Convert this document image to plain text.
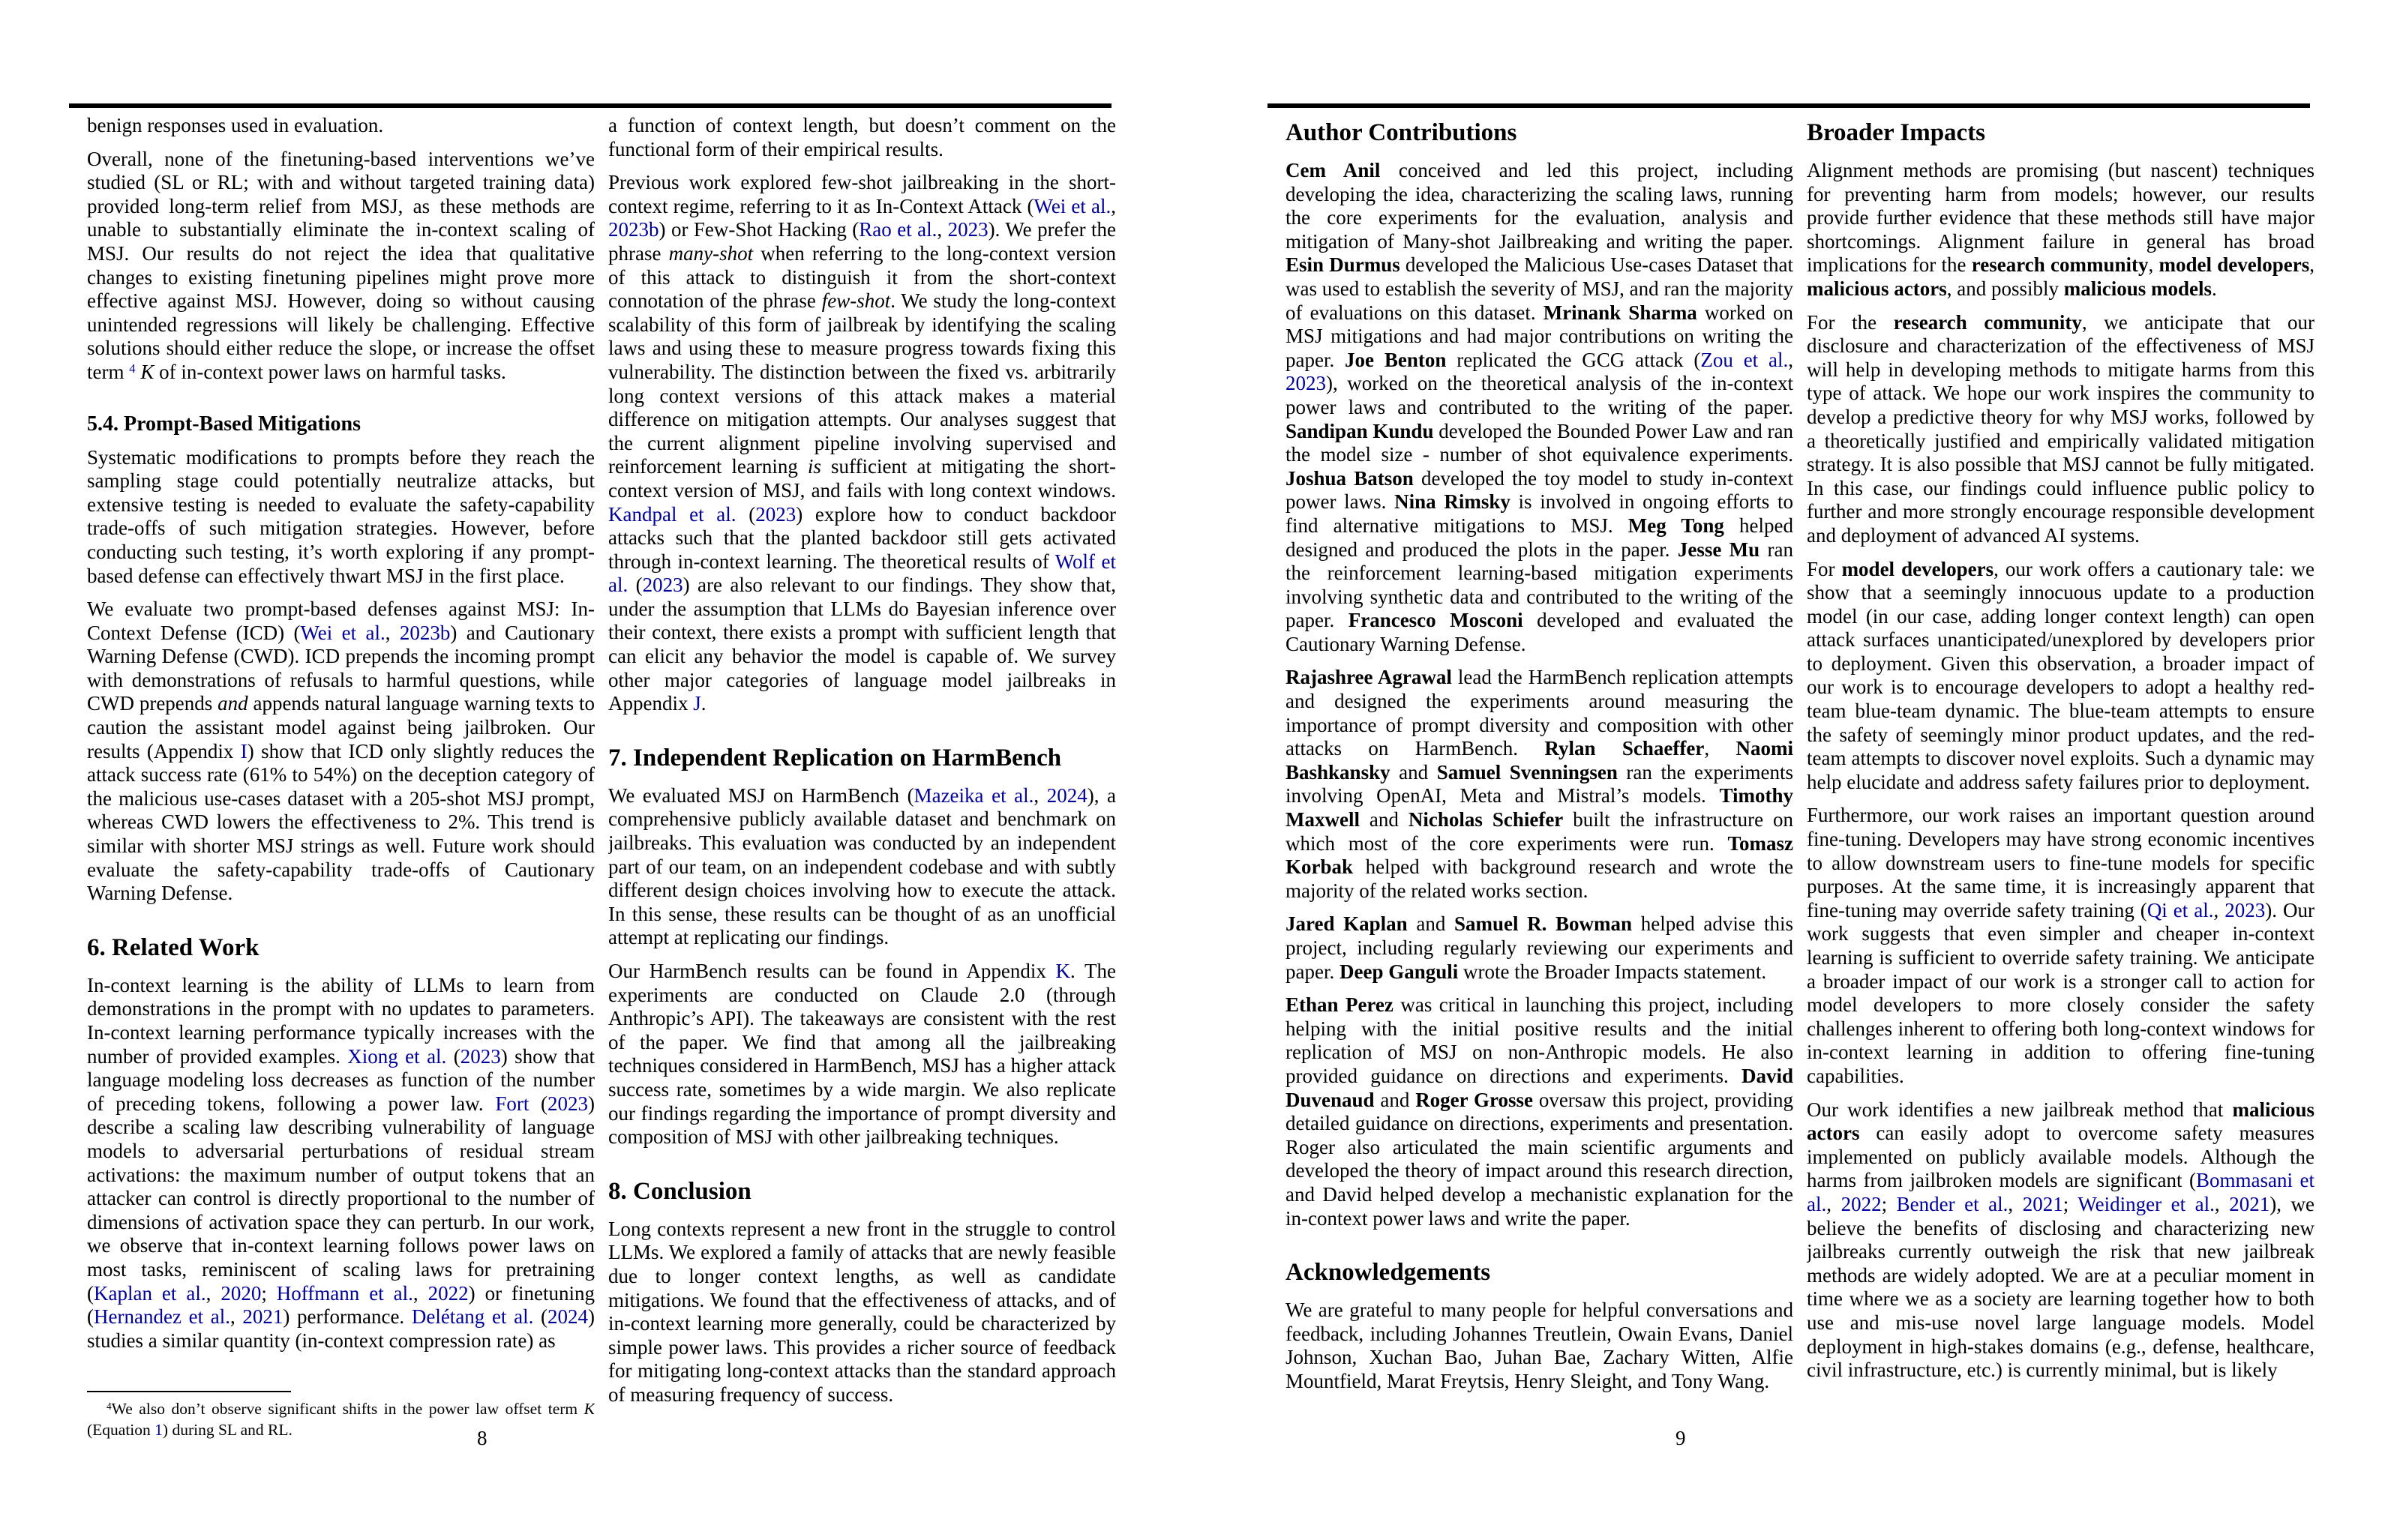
benign responses used in evaluation.
Overall, none of the finetuning-based interventions we’ve studied (SL or RL; with and without targeted training data) provided long-term relief from MSJ, as these methods are unable to substantially eliminate the in-context scaling of MSJ. Our results do not reject the idea that qualitative changes to existing finetuning pipelines might prove more effective against MSJ. However, doing so without causing unintended regressions will likely be challenging. Effective solutions should either reduce the slope, or increase the offset term $^4$ K of in-context power laws on harmful tasks.
5.4. Prompt-Based Mitigations
Systematic modifications to prompts before they reach the sampling stage could potentially neutralize attacks, but extensive testing is needed to evaluate the safety-capability trade-offs of such mitigation strategies. However, before conducting such testing, it’s worth exploring if any prompt-based defense can effectively thwart MSJ in the first place.
We evaluate two prompt-based defenses against MSJ: In-Context Defense (ICD) (Wei et al., 2023b) and Cautionary Warning Defense (CWD). ICD prepends the incoming prompt with demonstrations of refusals to harmful questions, while CWD prepends and appends natural language warning texts to caution the assistant model against being jailbroken. Our results (Appendix I) show that ICD only slightly reduces the attack success rate (61% to 54%) on the deception category of the malicious use-cases dataset with a 205-shot MSJ prompt, whereas CWD lowers the effectiveness to 2%. This trend is similar with shorter MSJ strings as well. Future work should evaluate the safety-capability trade-offs of Cautionary Warning Defense.
6. Related Work
In-context learning is the ability of LLMs to learn from demonstrations in the prompt with no updates to parameters. In-context learning performance typically increases with the number of provided examples. Xiong et al. (2023) show that language modeling loss decreases as function of the number of preceding tokens, following a power law. Fort (2023) describe a scaling law describing vulnerability of language models to adversarial perturbations of residual stream activations: the maximum number of output tokens that an attacker can control is directly proportional to the number of dimensions of activation space they can perturb. In our work, we observe that in-context learning follows power laws on most tasks, reminiscent of scaling laws for pretraining (Kaplan et al., 2020; Hoffmann et al., 2022) or finetuning (Hernandez et al., 2021) performance. Delétang et al. (2024) studies a similar quantity (in-context compression rate) as
$^4$We also don’t observe significant shifts in the power law offset term K (Equation 1) during SL and RL.
a function of context length, but doesn’t comment on the functional form of their empirical results.
Previous work explored few-shot jailbreaking in the short-context regime, referring to it as In-Context Attack (Wei et al., 2023b) or Few-Shot Hacking (Rao et al., 2023). We prefer the phrase many-shot when referring to the long-context version of this attack to distinguish it from the short-context connotation of the phrase few-shot. We study the long-context scalability of this form of jailbreak by identifying the scaling laws and using these to measure progress towards fixing this vulnerability. The distinction between the fixed vs. arbitrarily long context versions of this attack makes a material difference on mitigation attempts. Our analyses suggest that the current alignment pipeline involving supervised and reinforcement learning is sufficient at mitigating the short-context version of MSJ, and fails with long context windows. Kandpal et al. (2023) explore how to conduct backdoor attacks such that the planted backdoor still gets activated through in-context learning. The theoretical results of Wolf et al. (2023) are also relevant to our findings. They show that, under the assumption that LLMs do Bayesian inference over their context, there exists a prompt with sufficient length that can elicit any behavior the model is capable of. We survey other major categories of language model jailbreaks in Appendix J.
7. Independent Replication on HarmBench
We evaluated MSJ on HarmBench (Mazeika et al., 2024), a comprehensive publicly available dataset and benchmark on jailbreaks. This evaluation was conducted by an independent part of our team, on an independent codebase and with subtly different design choices involving how to execute the attack. In this sense, these results can be thought of as an unofficial attempt at replicating our findings.
Our HarmBench results can be found in Appendix K. The experiments are conducted on Claude 2.0 (through Anthropic’s API). The takeaways are consistent with the rest of the paper. We find that among all the jailbreaking techniques considered in HarmBench, MSJ has a higher attack success rate, sometimes by a wide margin. We also replicate our findings regarding the importance of prompt diversity and composition of MSJ with other jailbreaking techniques.
8. Conclusion
Long contexts represent a new front in the struggle to control LLMs. We explored a family of attacks that are newly feasible due to longer context lengths, as well as candidate mitigations. We found that the effectiveness of attacks, and of in-context learning more generally, could be characterized by simple power laws. This provides a richer source of feedback for mitigating long-context attacks than the standard approach of measuring frequency of success.
8
Author Contributions
Cem Anil conceived and led this project, including developing the idea, characterizing the scaling laws, running the core experiments for the evaluation, analysis and mitigation of Many-shot Jailbreaking and writing the paper. Esin Durmus developed the Malicious Use-cases Dataset that was used to establish the severity of MSJ, and ran the majority of evaluations on this dataset. Mrinank Sharma worked on MSJ mitigations and had major contributions on writing the paper. Joe Benton replicated the GCG attack (Zou et al., 2023), worked on the theoretical analysis of the in-context power laws and contributed to the writing of the paper. Sandipan Kundu developed the Bounded Power Law and ran the model size - number of shot equivalence experiments. Joshua Batson developed the toy model to study in-context power laws. Nina Rimsky is involved in ongoing efforts to find alternative mitigations to MSJ. Meg Tong helped designed and produced the plots in the paper. Jesse Mu ran the reinforcement learning-based mitigation experiments involving synthetic data and contributed to the writing of the paper. Francesco Mosconi developed and evaluated the Cautionary Warning Defense.
Rajashree Agrawal lead the HarmBench replication attempts and designed the experiments around measuring the importance of prompt diversity and composition with other attacks on HarmBench. Rylan Schaeffer, Naomi Bashkansky and Samuel Svenningsen ran the experiments involving OpenAI, Meta and Mistral’s models. Timothy Maxwell and Nicholas Schiefer built the infrastructure on which most of the core experiments were run. Tomasz Korbak helped with background research and wrote the majority of the related works section.
Jared Kaplan and Samuel R. Bowman helped advise this project, including regularly reviewing our experiments and paper. Deep Ganguli wrote the Broader Impacts statement.
Ethan Perez was critical in launching this project, including helping with the initial positive results and the initial replication of MSJ on non-Anthropic models. He also provided guidance on directions and experiments. David Duvenaud and Roger Grosse oversaw this project, providing detailed guidance on directions, experiments and presentation. Roger also articulated the main scientific arguments and developed the theory of impact around this research direction, and David helped develop a mechanistic explanation for the in-context power laws and write the paper.
Acknowledgements
We are grateful to many people for helpful conversations and feedback, including Johannes Treutlein, Owain Evans, Daniel Johnson, Xuchan Bao, Juhan Bae, Zachary Witten, Alfie Mountfield, Marat Freytsis, Henry Sleight, and Tony Wang.
Broader Impacts
Alignment methods are promising (but nascent) techniques for preventing harm from models; however, our results provide further evidence that these methods still have major shortcomings. Alignment failure in general has broad implications for the research community, model developers, malicious actors, and possibly malicious models.
For the research community, we anticipate that our disclosure and characterization of the effectiveness of MSJ will help in developing methods to mitigate harms from this type of attack. We hope our work inspires the community to develop a predictive theory for why MSJ works, followed by a theoretically justified and empirically validated mitigation strategy. It is also possible that MSJ cannot be fully mitigated. In this case, our findings could influence public policy to further and more strongly encourage responsible development and deployment of advanced AI systems.
For model developers, our work offers a cautionary tale: we show that a seemingly innocuous update to a production model (in our case, adding longer context length) can open attack surfaces unanticipated/unexplored by developers prior to deployment. Given this observation, a broader impact of our work is to encourage developers to adopt a healthy red-team blue-team dynamic. The blue-team attempts to ensure the safety of seemingly minor product updates, and the red-team attempts to discover novel exploits. Such a dynamic may help elucidate and address safety failures prior to deployment.
Furthermore, our work raises an important question around fine-tuning. Developers may have strong economic incentives to allow downstream users to fine-tune models for specific purposes. At the same time, it is increasingly apparent that fine-tuning may override safety training (Qi et al., 2023). Our work suggests that even simpler and cheaper in-context learning is sufficient to override safety training. We anticipate a broader impact of our work is a stronger call to action for model developers to more closely consider the safety challenges inherent to offering both long-context windows for in-context learning in addition to offering fine-tuning capabilities.
Our work identifies a new jailbreak method that malicious actors can easily adopt to overcome safety measures implemented on publicly available models. Although the harms from jailbroken models are significant (Bommasani et al., 2022; Bender et al., 2021; Weidinger et al., 2021), we believe the benefits of disclosing and characterizing new jailbreaks currently outweigh the risk that new jailbreak methods are widely adopted. We are at a peculiar moment in time where we as a society are learning together how to both use and mis-use novel large language models. Model deployment in high-stakes domains (e.g., defense, healthcare, civil infrastructure, etc.) is currently minimal, but is likely
9
